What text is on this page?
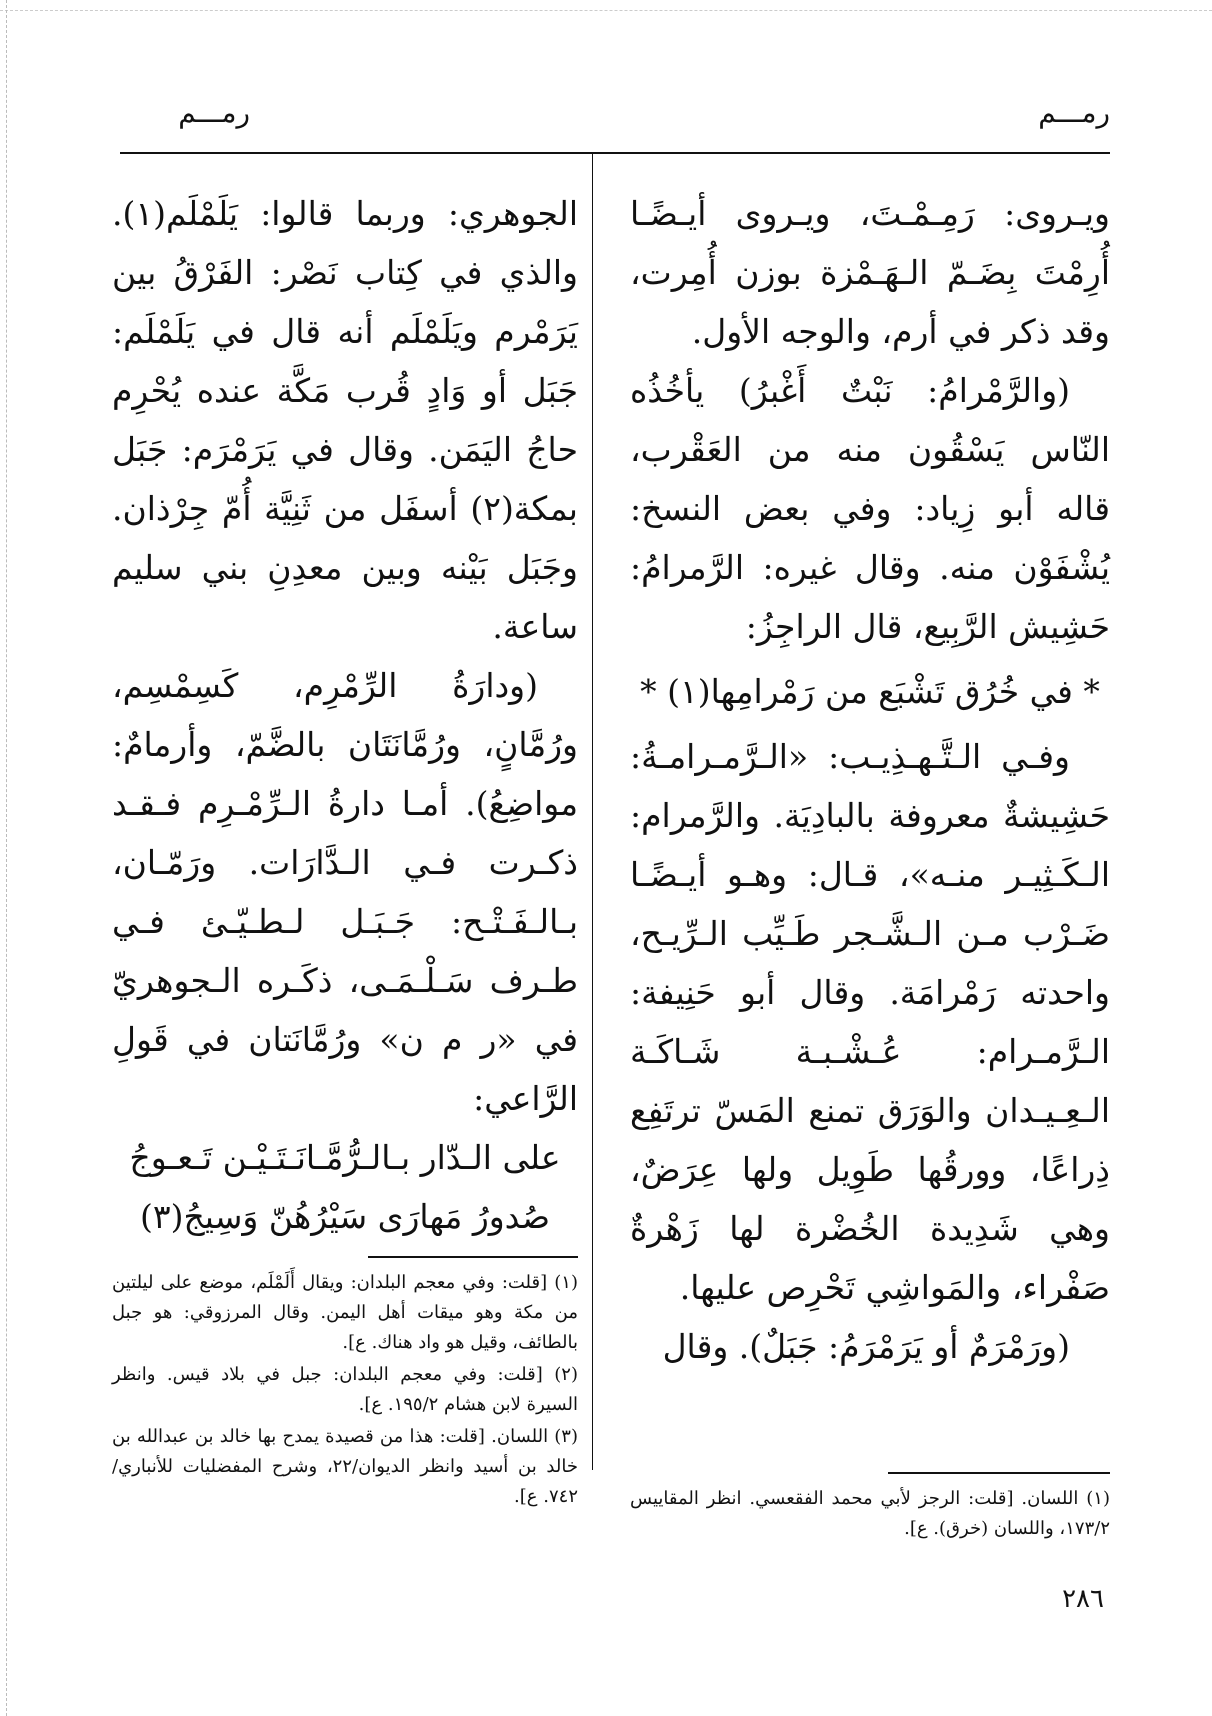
رمـــم
رمـــم

ويـروى: رَمِـمْـتَ، ويـروى أيـضًـا أُرِمْتَ بِضَـمّ الـهَـمْزة بوزن أُمِرت، وقد ذكر في أرم، والوجه الأول.

(والرَّمْرامُ: نَبْتٌ أَغْبرُ) يأخُذُه النّاس يَسْقُون منه من العَقْرب، قاله أبو زِياد: وفي بعض النسخ: يُشْفَوْن منه. وقال غيره: الرَّمرامُ: حَشِيش الرَّبِيع، قال الراجِزُ:

* في خُرُق تَشْبَع من رَمْرامِها(١) *

وفـي الـتَّـهـذِيـب: «الـرَّمـرامـةُ: حَشِيشةٌ معروفة بالبادِيَة. والرَّمرام: الـكَـثِيـر منـه»، قـال: وهـو أيـضًـا ضَـرْب مـن الـشَّـجر طَـيِّب الـرِّيـح، واحدته رَمْرامَة. وقال أبو حَنِيفة: الـرَّمـرام: عُـشْـبـة شَـاكَـة الـعِـيـدان والوَرَق تمنع المَسّ ترتَفِع ذِراعًا، وورقُها طَوِيل ولها عِرَضٌ، وهي شَدِيدة الخُضْرة لها زَهْرةٌ صَفْراء، والمَواشِي تَحْرِص عليها.

(ورَمْرَمٌ أو يَرَمْرَمُ: جَبَلٌ). وقال

الجوهري: وربما قالوا: يَلَمْلَم(١). والذي في كِتاب نَصْر: الفَرْقُ بين يَرَمْرم ويَلَمْلَم أنه قال في يَلَمْلَم: جَبَل أو وَادٍ قُرب مَكَّة عنده يُحْرِم حاجُ اليَمَن. وقال في يَرَمْرَم: جَبَل بمكة(٢) أسفَل من ثَنِيَّة أُمّ جِرْذان. وجَبَل بَيْنه وبين معدِنِ بني سليم ساعة.

(ودارَةُ الرِّمْرِم، كَسِمْسِم، ورُمَّانٍ، ورُمَّانَتَان بالضَّمّ، وأرمامٌ: مواضِعُ). أمـا دارةُ الـرِّمْـرِم فـقـد ذكـرت فـي الـدَّارَات. ورَمّـان، بـالـفَـتْـح: جَـبَـل لـطـيّـئ فـي طـرف سَـلْـمَـى، ذكَـره الـجوهريّ في «ر م ن» ورُمَّانَتان في قَولِ الرَّاعي:

على الـدّار بـالـرُّمَّـانَـتَـيْـن تَـعـوجُ

صُدورُ مَهارَى سَيْرُهُنّ وَسِيجُ(٣)

(١) اللسان. [قلت: الرجز لأبي محمد الفقعسي. انظر المقاييس ١٧٣/٢، واللسان (خرق). ع].

(١) [قلت: وفي معجم البلدان: ويقال أَلَمْلَم، موضع على ليلتين من مكة وهو ميقات أهل اليمن. وقال المرزوقي: هو جبل بالطائف، وقيل هو واد هناك. ع].

(٢) [قلت: وفي معجم البلدان: جبل في بلاد قيس. وانظر السيرة لابن هشام ١٩٥/٢. ع].

(٣) اللسان. [قلت: هذا من قصيدة يمدح بها خالد بن عبدالله بن خالد بن أسيد وانظر الديوان/٢٢، وشرح المفضليات للأنباري/٧٤٢. ع].

٢٨٦
